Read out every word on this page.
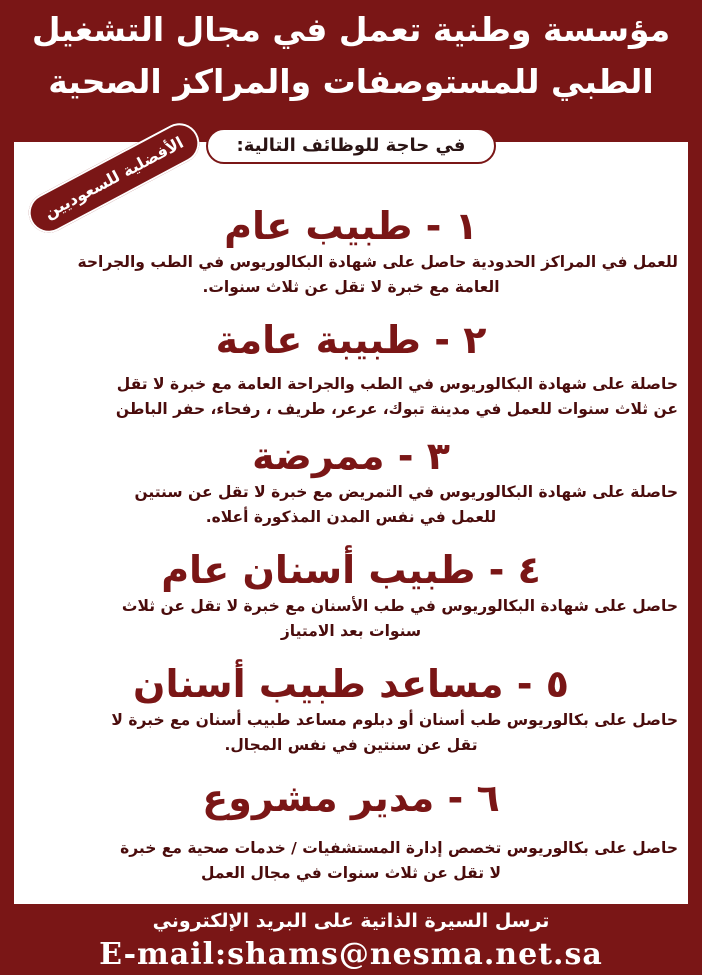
مؤسسة وطنية تعمل في مجال التشغيل
الطبي للمستوصفات والمراكز الصحية
في حاجة للوظائف التالية:
الأفضلية للسعوديين
١ - طبيب عام
للعمل في المراكز الحدودية حاصل على شهادة البكالوريوس في الطب والجراحة
العامة مع خبرة لا تقل عن ثلاث سنوات.
٢ - طبيبة عامة
حاصلة على شهادة البكالوريوس في الطب والجراحة العامة مع خبرة لا تقل
عن ثلاث سنوات للعمل في مدينة تبوك، عرعر، طريف ، رفحاء، حفر الباطن
٣ - ممرضة
حاصلة على شهادة البكالوريوس في التمريض مع خبرة لا تقل عن سنتين
للعمل في نفس المدن المذكورة أعلاه.
٤ - طبيب أسنان عام
حاصل على شهادة البكالوريوس في طب الأسنان مع خبرة لا تقل عن ثلاث
سنوات بعد الامتياز
٥ - مساعد طبيب أسنان
حاصل على بكالوريوس طب أسنان أو دبلوم مساعد طبيب أسنان مع خبرة لا
تقل عن سنتين في نفس المجال.
٦ - مدير مشروع
حاصل على بكالوريوس تخصص إدارة المستشفيات / خدمات صحية مع خبرة
لا تقل عن ثلاث سنوات في مجال العمل
ترسل السيرة الذاتية على البريد الإلكتروني
E-mail:shams@nesma.net.sa
